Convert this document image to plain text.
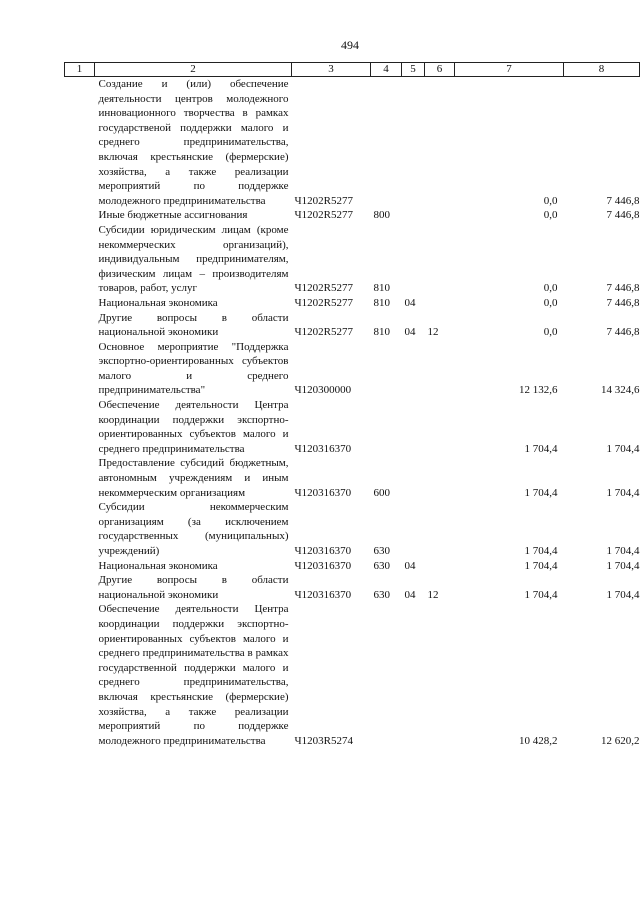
494
1	2	3	4	5	6	7	8
	Создание и (или) обеспечение деятельности центров молодежного инновационного творчества в рамках государственой поддержки малого и среднего предпринимательства, включая крестьянские (фермерские) хозяйства, а также реализации мероприятий по поддержке молодежного предпринимательства	Ч1202R5277				0,0	7 446,8
	Иные бюджетные ассигнования	Ч1202R5277	800			0,0	7 446,8
	Субсидии юридическим лицам (кроме некоммерческих организаций), индивидуальным предпринимателям, физическим лицам – производителям товаров, работ, услуг	Ч1202R5277	810			0,0	7 446,8
	Национальная экономика	Ч1202R5277	810	04		0,0	7 446,8
	Другие вопросы в области национальной экономики	Ч1202R5277	810	04	12	0,0	7 446,8
	Основное мероприятие "Поддержка экспортно-ориентированных субъектов малого и среднего предпринимательства"	Ч120300000				12 132,6	14 324,6
	Обеспечение деятельности Центра координации поддержки экспортно-ориентированных субъектов малого и среднего предпринимательства	Ч120316370				1 704,4	1 704,4
	Предоставление субсидий бюджетным, автономным учреждениям и иным некоммерческим организациям	Ч120316370	600			1 704,4	1 704,4
	Субсидии некоммерческим организациям (за исключением государственных (муниципальных) учреждений)	Ч120316370	630			1 704,4	1 704,4
	Национальная экономика	Ч120316370	630	04		1 704,4	1 704,4
	Другие вопросы в области национальной экономики	Ч120316370	630	04	12	1 704,4	1 704,4
	Обеспечение деятельности Центра координации поддержки экспортно-ориентированных субъектов малого и среднего предпринимательства в рамках государственной поддержки малого и среднего предпринимательства, включая крестьянские (фермерские) хозяйства, а также реализации мероприятий по поддержке молодежного предпринимательства	Ч1203R5274				10 428,2	12 620,2
